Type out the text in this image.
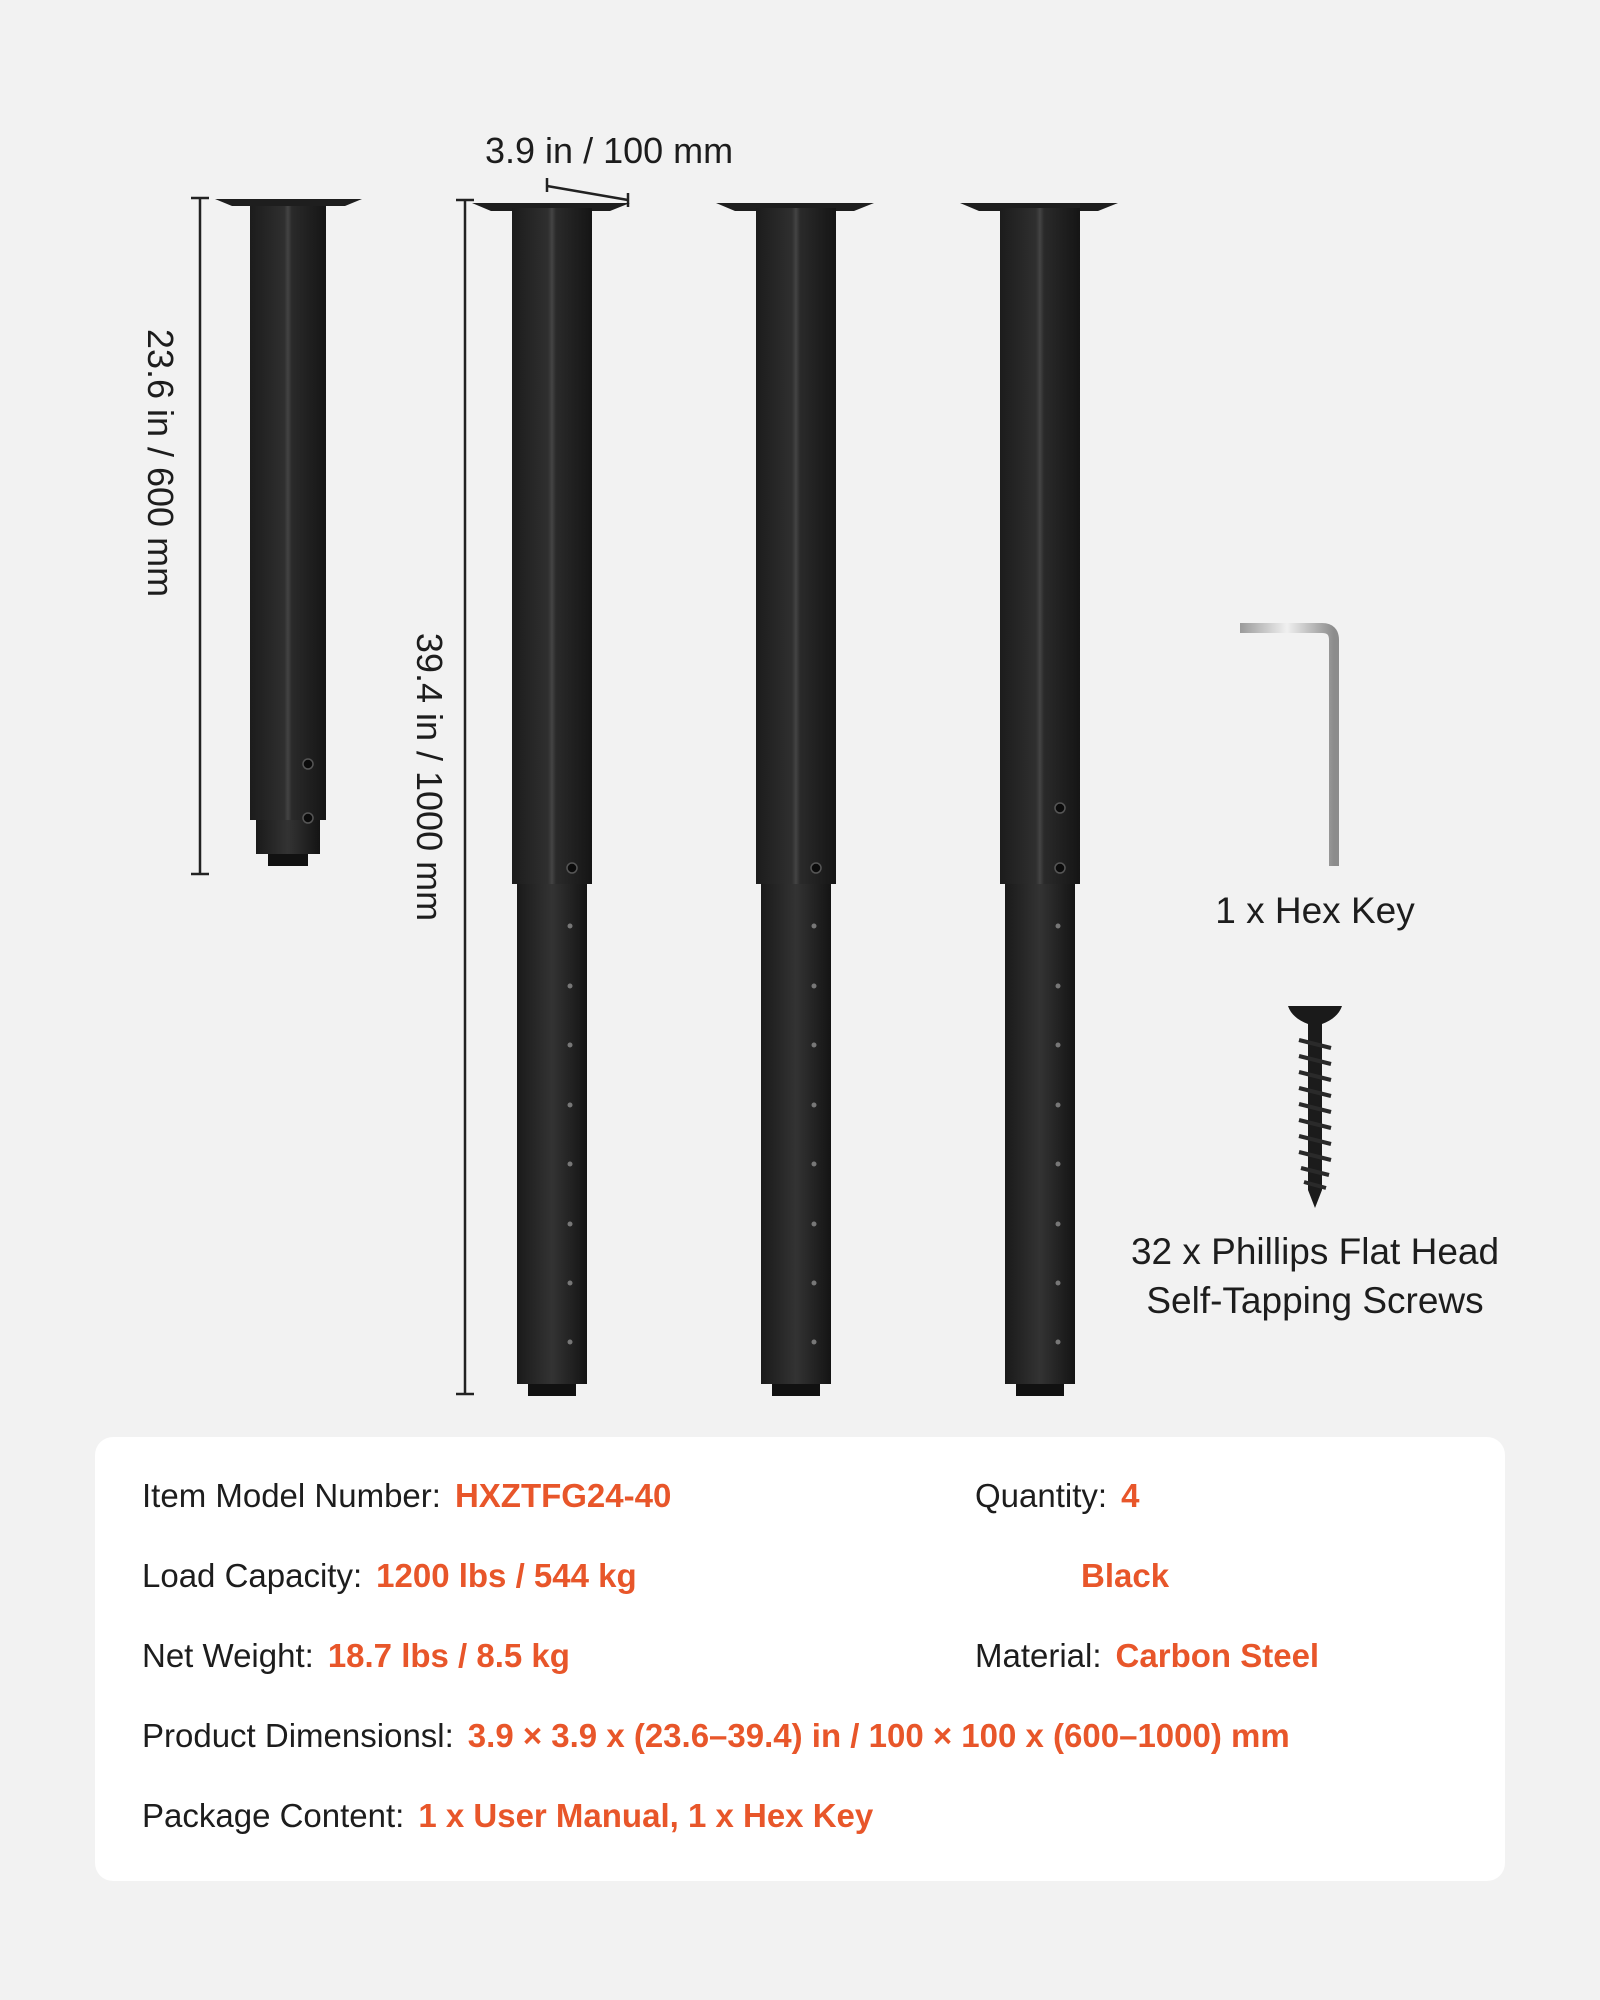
3.9 in / 100 mm
23.6 in / 600 mm
39.4 in / 1000 mm	1 x Hex Key
32 x Phillips Flat Head
Self-Tapping Screws
Item Model Number: HXZTFG24-40	Quantity: 4
Load Capacity: 1200 lbs / 544 kg	Black
Net Weight: 18.7 lbs / 8.5 kg	Material: Carbon Steel
Product Dimensionsl: 3.9 × 3.9 x (23.6–39.4) in / 100 × 100 x (600–1000) mm
Package Content: 1 x User Manual, 1 x Hex Key
